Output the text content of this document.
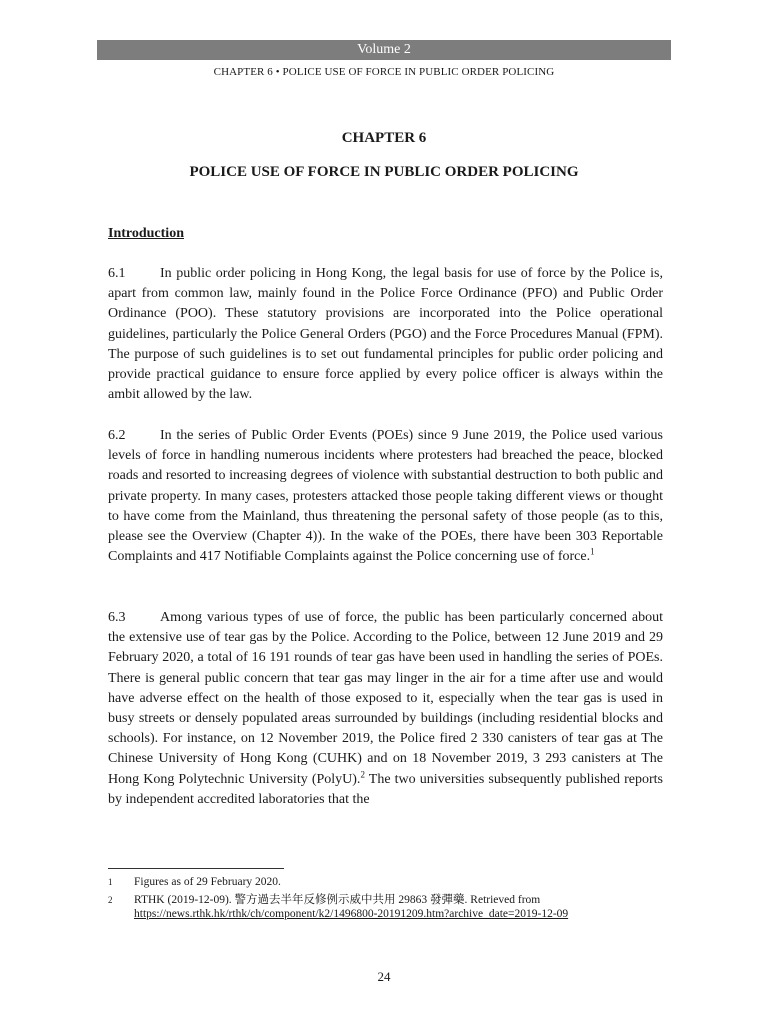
Volume 2
CHAPTER 6 • POLICE USE OF FORCE IN PUBLIC ORDER POLICING
CHAPTER 6
POLICE USE OF FORCE IN PUBLIC ORDER POLICING
Introduction

6.1 In public order policing in Hong Kong, the legal basis for use of force by the Police is, apart from common law, mainly found in the Police Force Ordinance (PFO) and Public Order Ordinance (POO). These statutory provisions are incorporated into the Police operational guidelines, particularly the Police General Orders (PGO) and the Force Procedures Manual (FPM). The purpose of such guidelines is to set out fundamental principles for public order policing and provide practical guidance to ensure force applied by every police officer is always within the ambit allowed by the law.

6.2 In the series of Public Order Events (POEs) since 9 June 2019, the Police used various levels of force in handling numerous incidents where protesters had breached the peace, blocked roads and resorted to increasing degrees of violence with substantial destruction to both public and private property. In many cases, protesters attacked those people taking different views or thought to have come from the Mainland, thus threatening the personal safety of those people (as to this, please see the Overview (Chapter 4)). In the wake of the POEs, there have been 303 Reportable Complaints and 417 Notifiable Complaints against the Police concerning use of force.$^1$

6.3 Among various types of use of force, the public has been particularly concerned about the extensive use of tear gas by the Police. According to the Police, between 12 June 2019 and 29 February 2020, a total of 16 191 rounds of tear gas have been used in handling the series of POEs. There is general public concern that tear gas may linger in the air for a time after use and would have adverse effect on the health of those exposed to it, especially when the tear gas is used in busy streets or densely populated areas surrounded by buildings (including residential blocks and schools). For instance, on 12 November 2019, the Police fired 2 330 canisters of tear gas at The Chinese University of Hong Kong (CUHK) and on 18 November 2019, 3 293 canisters at The Hong Kong Polytechnic University (PolyU).$^2$ The two universities subsequently published reports by independent accredited laboratories that the

1 Figures as of 29 February 2020.
2 RTHK (2019-12-09). 警方過去半年反修例示威中共用 29863 發彈藥. Retrieved from
https://news.rthk.hk/rthk/ch/component/k2/1496800-20191209.htm?archive_date=2019-12-09
24
